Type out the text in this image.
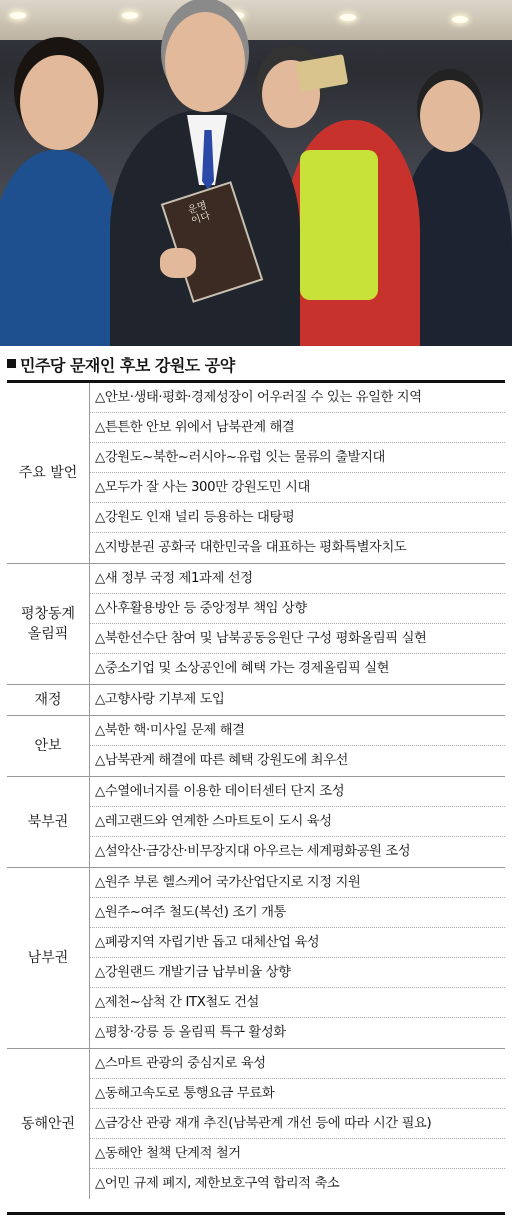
운명이다
민주당 문재인 후보 강원도 공약
주요 발언
△안보·생태·평화·경제성장이 어우러질 수 있는 유일한 지역
△튼튼한 안보 위에서 남북관계 해결
△강원도~북한~러시아~유럽 잇는 물류의 출발지대
△모두가 잘 사는 300만 강원도민 시대
△강원도 인재 널리 등용하는 대탕평
△지방분권 공화국 대한민국을 대표하는 평화특별자치도
평창동계
올림픽
△새 정부 국정 제1과제 선정
△사후활용방안 등 중앙정부 책임 상향
△북한선수단 참여 및 남북공동응원단 구성 평화올림픽 실현
△중소기업 및 소상공인에 혜택 가는 경제올림픽 실현
재정	△고향사랑 기부제 도입
안보
△북한 핵·미사일 문제 해결
△남북관계 해결에 따른 혜택 강원도에 최우선
북부권
△수열에너지를 이용한 데이터센터 단지 조성
△레고랜드와 연계한 스마트토이 도시 육성
△설악산·금강산·비무장지대 아우르는 세계평화공원 조성
남부권
△원주 부론 헬스케어 국가산업단지로 지정 지원
△원주~여주 철도(복선) 조기 개통
△폐광지역 자립기반 돕고 대체산업 육성
△강원랜드 개발기금 납부비율 상향
△제천~삼척 간 ITX철도 건설
△평창·강릉 등 올림픽 특구 활성화
동해안권
△스마트 관광의 중심지로 육성
△동해고속도로 통행요금 무료화
△금강산 관광 재개 추진(남북관계 개선 등에 따라 시간 필요)
△동해안 철책 단계적 철거
△어민 규제 폐지, 제한보호구역 합리적 축소
